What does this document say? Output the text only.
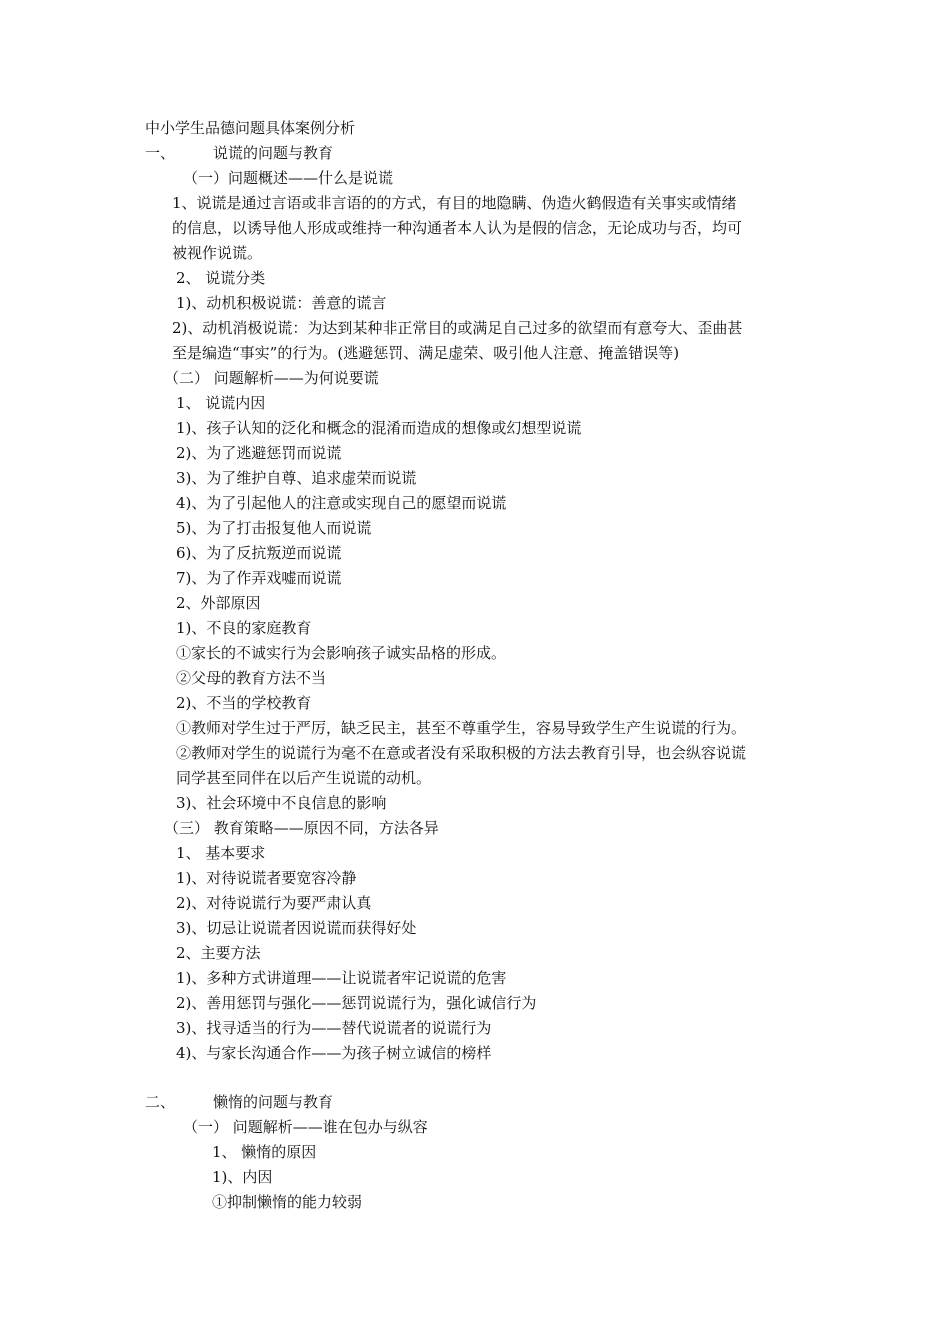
中小学生品德问题具体案例分析
一、	说谎的问题与教育
（一）问题概述——什么是说谎
1、说谎是通过言语或非言语的的方式，有目的地隐瞒、伪造火鹤假造有关事实或情绪
的信息，以诱导他人形成或维持一种沟通者本人认为是假的信念，无论成功与否，均可
被视作说谎。
2、 说谎分类
1)、动机积极说谎：善意的谎言
2)、动机消极说谎：为达到某种非正常目的或满足自己过多的欲望而有意夸大、歪曲甚
至是编造“事实”的行为。(逃避惩罚、满足虚荣、吸引他人注意、掩盖错误等)
（二） 问题解析——为何说要谎
1、 说谎内因
1)、孩子认知的泛化和概念的混淆而造成的想像或幻想型说谎
2)、为了逃避惩罚而说谎
3)、为了维护自尊、追求虚荣而说谎
4)、为了引起他人的注意或实现自己的愿望而说谎
5)、为了打击报复他人而说谎
6)、为了反抗叛逆而说谎
7)、为了作弄戏嘘而说谎
2、外部原因
1)、不良的家庭教育
①家长的不诚实行为会影响孩子诚实品格的形成。
②父母的教育方法不当
2)、不当的学校教育
①教师对学生过于严厉，缺乏民主，甚至不尊重学生，容易导致学生产生说谎的行为。
②教师对学生的说谎行为毫不在意或者没有采取积极的方法去教育引导，也会纵容说谎
同学甚至同伴在以后产生说谎的动机。
3)、社会环境中不良信息的影响
（三） 教育策略——原因不同，方法各异
1、 基本要求
1)、对待说谎者要宽容冷静
2)、对待说谎行为要严肃认真
3)、切忌让说谎者因说谎而获得好处
2、主要方法
1)、多种方式讲道理——让说谎者牢记说谎的危害
2)、善用惩罚与强化——惩罚说谎行为，强化诚信行为
3)、找寻适当的行为——替代说谎者的说谎行为
4)、与家长沟通合作——为孩子树立诚信的榜样
二、	懒惰的问题与教育
（一） 问题解析——谁在包办与纵容
1、 懒惰的原因
1)、内因
①抑制懒惰的能力较弱
